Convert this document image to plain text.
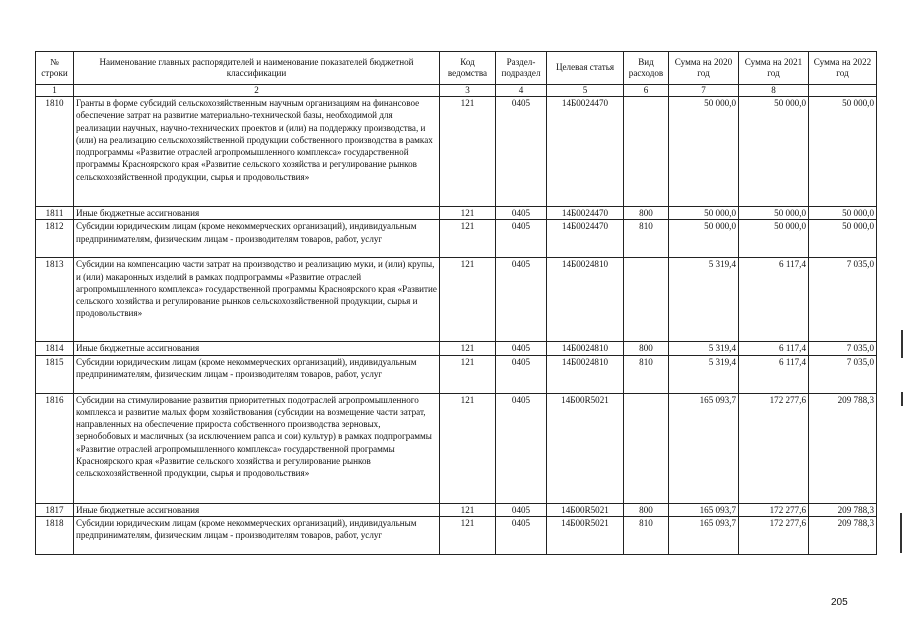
№ строки	Наименование главных распорядителей и наименование показателей бюджетной классификации	Код ведомства	Раздел-подраздел	Целевая статья	Вид расходов	Сумма на 2020 год	Сумма на 2021 год	Сумма на 2022 год
1	2	3	4	5	6	7	8	
1810	Гранты в форме субсидий сельскохозяйственным научным организациям на финансовое обеспечение затрат на развитие материально-технической базы, необходимой для реализации научных, научно-технических проектов и (или) на поддержку производства, и (или) на реализацию сельскохозяйственной продукции собственного производства в рамках подпрограммы «Развитие отраслей агропромышленного комплекса» государственной программы Красноярского края «Развитие сельского хозяйства и регулирование рынков сельскохозяйственной продукции, сырья и продовольствия»	121	0405	14Б0024470		50 000,0	50 000,0	50 000,0
1811	Иные бюджетные ассигнования	121	0405	14Б0024470	800	50 000,0	50 000,0	50 000,0
1812	Субсидии юридическим лицам (кроме некоммерческих организаций), индивидуальным предпринимателям, физическим лицам - производителям товаров, работ, услуг	121	0405	14Б0024470	810	50 000,0	50 000,0	50 000,0
1813	Субсидии на компенсацию части затрат на производство и реализацию муки, и (или) крупы, и (или) макаронных изделий в рамках подпрограммы «Развитие отраслей агропромышленного комплекса» государственной программы Красноярского края «Развитие сельского хозяйства и регулирование рынков сельскохозяйственной продукции, сырья и продовольствия»	121	0405	14Б0024810		5 319,4	6 117,4	7 035,0
1814	Иные бюджетные ассигнования	121	0405	14Б0024810	800	5 319,4	6 117,4	7 035,0
1815	Субсидии юридическим лицам (кроме некоммерческих организаций), индивидуальным предпринимателям, физическим лицам - производителям товаров, работ, услуг	121	0405	14Б0024810	810	5 319,4	6 117,4	7 035,0
1816	Субсидии на стимулирование развития приоритетных подотраслей агропромышленного комплекса и развитие малых форм хозяйствования (субсидии на возмещение части затрат, направленных на обеспечение прироста собственного производства зерновых, зернобобовых и масличных (за исключением рапса и сои) культур) в рамках подпрограммы «Развитие отраслей агропромышленного комплекса» государственной программы Красноярского края «Развитие сельского хозяйства и регулирование рынков сельскохозяйственной продукции, сырья и продовольствия»	121	0405	14Б00R5021		165 093,7	172 277,6	209 788,3
1817	Иные бюджетные ассигнования	121	0405	14Б00R5021	800	165 093,7	172 277,6	209 788,3
1818	Субсидии юридическим лицам (кроме некоммерческих организаций), индивидуальным предпринимателям, физическим лицам - производителям товаров, работ, услуг	121	0405	14Б00R5021	810	165 093,7	172 277,6	209 788,3
205
